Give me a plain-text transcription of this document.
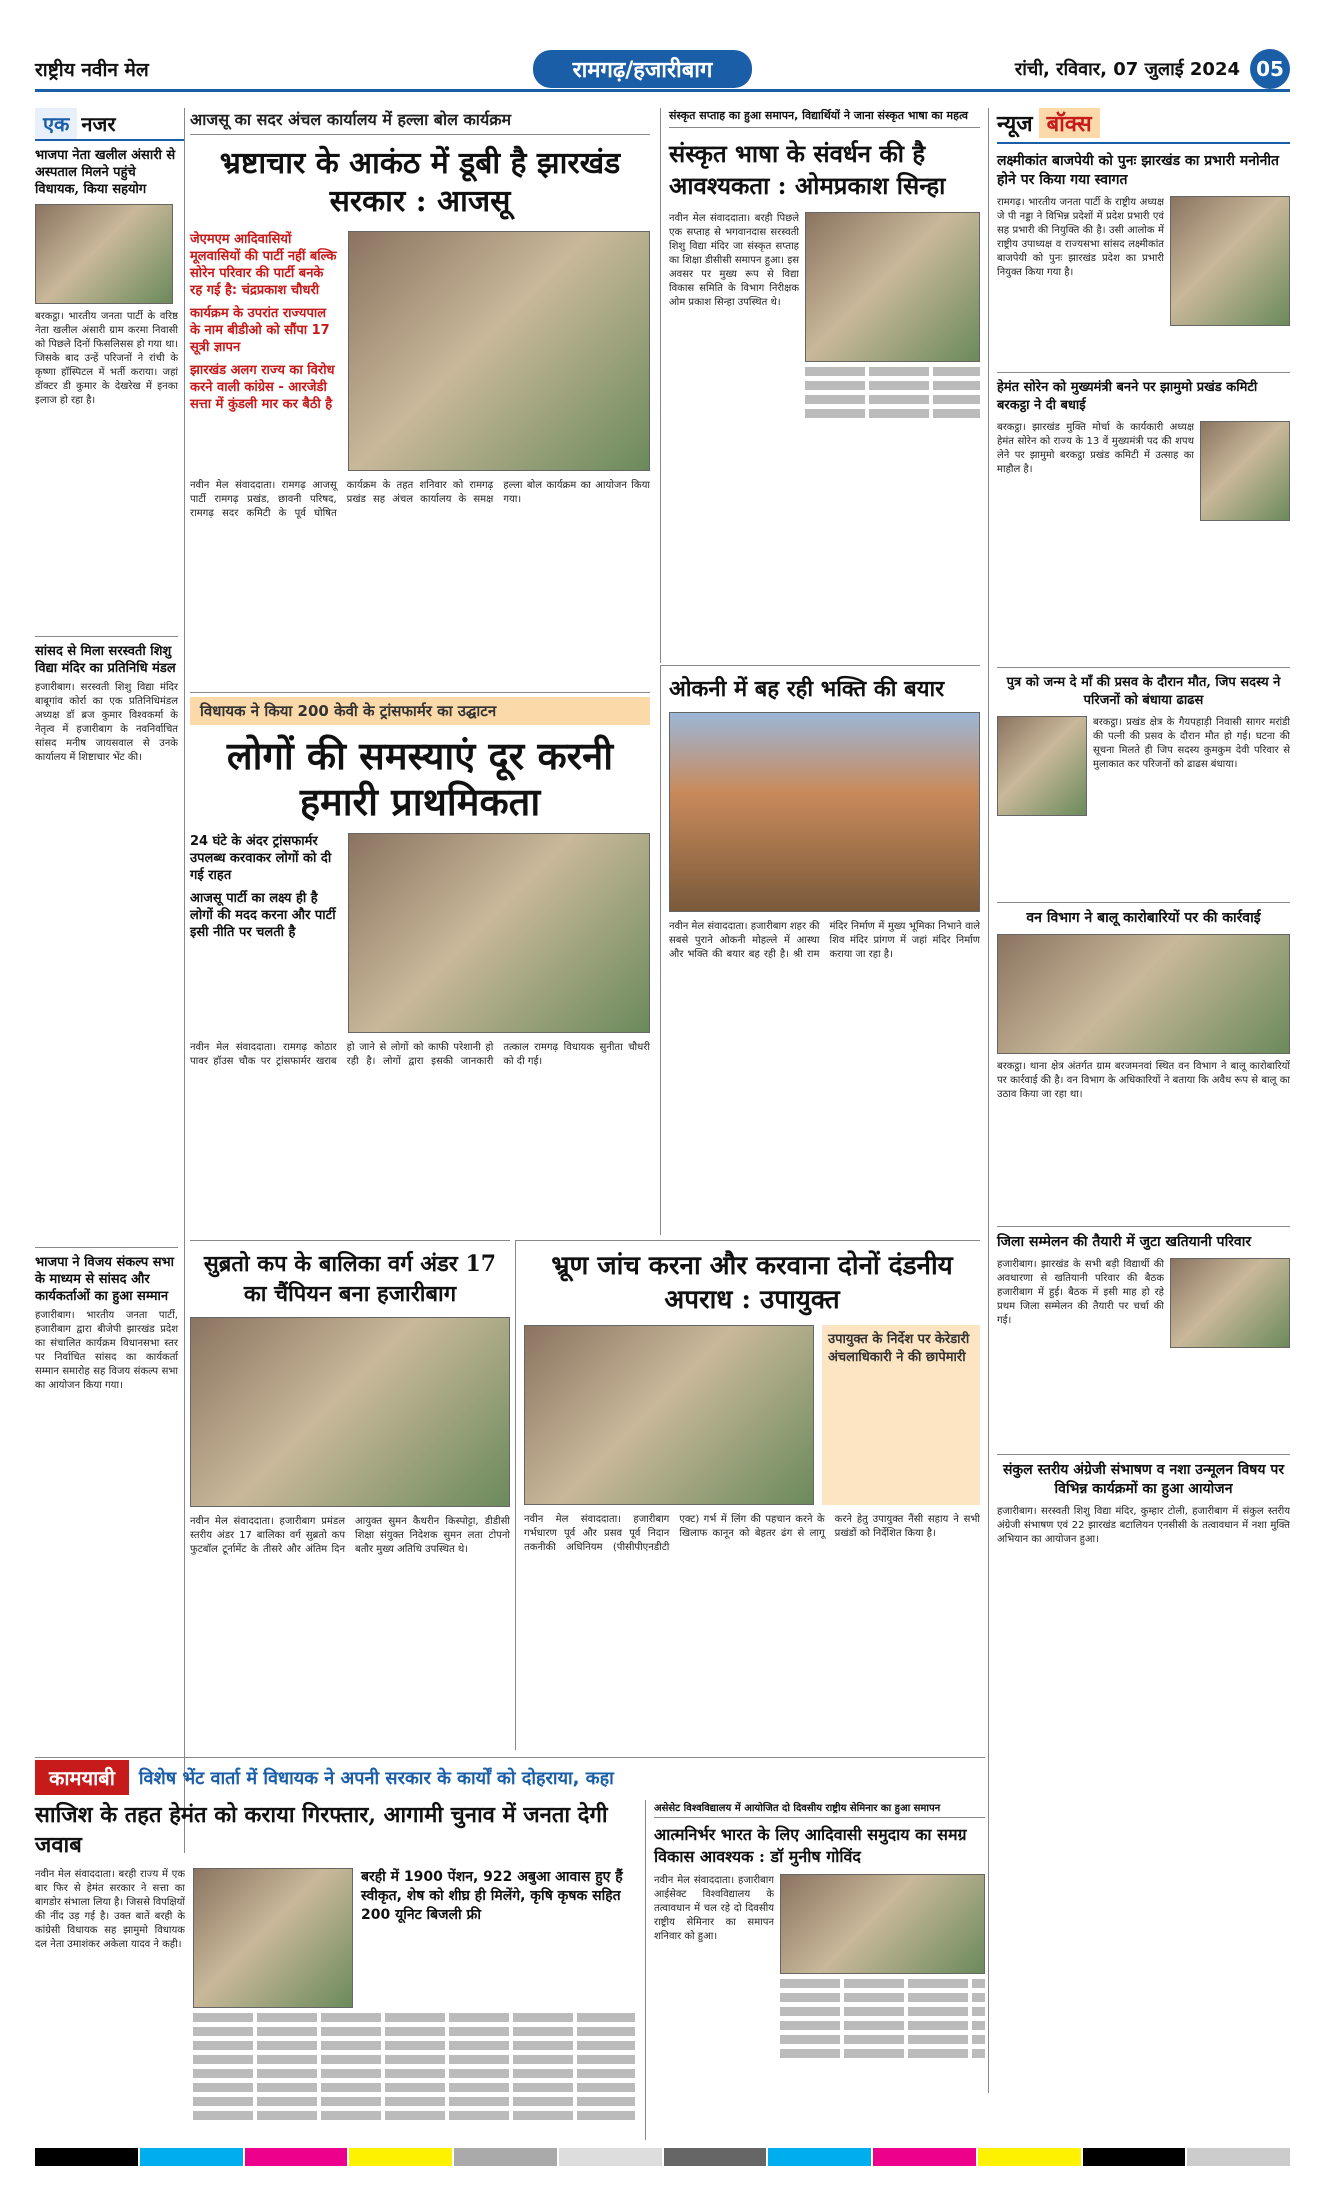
राष्ट्रीय नवीन मेल	रामगढ़/हजारीबाग	रांची, रविवार, 07 जुलाई 2024 05
एक नजर
भाजपा नेता खलील अंसारी से अस्पताल मिलने पहुंचे विधायक, किया सहयोग
बरकट्ठा। भारतीय जनता पार्टी के वरिष्ठ नेता खलील अंसारी ग्राम करमा निवासी को पिछले दिनों फिसलिसस हो गया था। जिसके बाद उन्हें परिजनों ने रांची के कृष्णा हॉस्पिटल में भर्ती कराया। जहां डॉक्टर डी कुमार के देखरेख में इनका इलाज हो रहा है।
सांसद से मिला सरस्वती शिशु विद्या मंदिर का प्रतिनिधि मंडल
हजारीबाग। सरस्वती शिशु विद्या मंदिर बाबूगांव कोर्रा का एक प्रतिनिधिमंडल अध्यक्ष डॉ ब्रज कुमार विश्वकर्मा के नेतृत्व में हजारीबाग के नवनिर्वाचित सांसद मनीष जायसवाल से उनके कार्यालय में शिष्टाचार भेंट की।
भाजपा ने विजय संकल्प सभा के माध्यम से सांसद और कार्यकर्ताओं का हुआ सम्मान
हजारीबाग। भारतीय जनता पार्टी, हजारीबाग द्वारा बीजेपी झारखंड प्रदेश का संचालित कार्यक्रम विधानसभा स्तर पर निर्वाचित सांसद का कार्यकर्ता सम्मान समारोह सह विजय संकल्प सभा का आयोजन किया गया।
आजसू का सदर अंचल कार्यालय में हल्ला बोल कार्यक्रम
भ्रष्टाचार के आकंठ में डूबी है झारखंड सरकार : आजसू
जेएमएम आदिवासियों मूलवासियों की पार्टी नहीं बल्कि सोरेन परिवार की पार्टी बनके रह गई है: चंद्रप्रकाश चौधरी
कार्यक्रम के उपरांत राज्यपाल के नाम बीडीओ को सौंपा 17 सूत्री ज्ञापन
झारखंड अलग राज्य का विरोध करने वाली कांग्रेस - आरजेडी सत्ता में कुंडली मार कर बैठी है
नवीन मेल संवाददाता। रामगढ़ आजसू पार्टी रामगढ़ प्रखंड, छावनी परिषद, रामगढ़ सदर कमिटी के पूर्व घोषित कार्यक्रम के तहत शनिवार को रामगढ़ प्रखंड सह अंचल कार्यालय के समक्ष हल्ला बोल कार्यक्रम का आयोजन किया गया।
संस्कृत सप्ताह का हुआ समापन, विद्यार्थियों ने जाना संस्कृत भाषा का महत्व
संस्कृत भाषा के संवर्धन की है आवश्यकता : ओमप्रकाश सिन्हा
नवीन मेल संवाददाता। बरही पिछले एक सप्ताह से भगवानदास सरस्वती शिशु विद्या मंदिर जा संस्कृत सप्ताह का शिक्षा डीसीसी समापन हुआ। इस अवसर पर मुख्य रूप से विद्या विकास समिति के विभाग निरीक्षक ओम प्रकाश सिन्हा उपस्थित थे।
विधायक ने किया 200 केवी के ट्रांसफार्मर का उद्घाटन
लोगों की समस्याएं दूर करनी हमारी प्राथमिकता
24 घंटे के अंदर ट्रांसफार्मर उपलब्ध करवाकर लोगों को दी गई राहत
आजसू पार्टी का लक्ष्य ही है लोगों की मदद करना और पार्टी इसी नीति पर चलती है
नवीन मेल संवाददाता। रामगढ़ कोठार पावर हॉउस चौक पर ट्रांसफार्मर खराब हो जाने से लोगों को काफी परेशानी हो रही है। लोगों द्वारा इसकी जानकारी तत्काल रामगढ़ विधायक सुनीता चौधरी को दी गई।
ओकनी में बह रही भक्ति की बयार
नवीन मेल संवाददाता। हजारीबाग शहर की सबसे पुराने ओकनी मोहल्ले में आस्था और भक्ति की बयार बह रही है। श्री राम मंदिर निर्माण में मुख्य भूमिका निभाने वाले शिव मंदिर प्रांगण में जहां मंदिर निर्माण कराया जा रहा है।
सुब्रतो कप के बालिका वर्ग अंडर 17 का चैंपियन बना हजारीबाग
नवीन मेल संवाददाता। हजारीबाग प्रमंडल स्तरीय अंडर 17 बालिका वर्ग सुब्रतो कप फुटबॉल टूर्नामेंट के तीसरे और अंतिम दिन आयुक्त सुमन कैथरीन किस्पोट्टा, डीडीसी शिक्षा संयुक्त निदेशक सुमन लता टोपनो बतौर मुख्य अतिथि उपस्थित थे।
भ्रूण जांच करना और करवाना दोनों दंडनीय अपराध : उपायुक्त
उपायुक्त के निर्देश पर केरेडारी अंचलाधिकारी ने की छापेमारी
नवीन मेल संवाददाता। हजारीबाग गर्भधारण पूर्व और प्रसव पूर्व निदान तकनीकी अधिनियम (पीसीपीएनडीटी एक्ट) गर्भ में लिंग की पहचान करने के खिलाफ कानून को बेहतर ढंग से लागू करने हेतु उपायुक्त नैंसी सहाय ने सभी प्रखंडों को निर्देशित किया है।
कामयाबी	विशेष भेंट वार्ता में विधायक ने अपनी सरकार के कार्यों को दोहराया, कहा
साजिश के तहत हेमंत को कराया गिरफ्तार, आगामी चुनाव में जनता देगी जवाब
नवीन मेल संवाददाता। बरही राज्य में एक बार फिर से हेमंत सरकार ने सत्ता का बागडोर संभाला लिया है। जिससे विपक्षियों की नींद उड़ गई है। उक्त बातें बरही के कांग्रेसी विधायक सह झामुमो विधायक दल नेता उमाशंकर अकेला यादव ने कही।
बरही में 1900 पेंशन, 922 अबुआ आवास हुए हैं स्वीकृत, शेष को शीघ्र ही मिलेंगे, कृषि कृषक सहित 200 यूनिट बिजली फ्री
असेसेट विश्वविद्यालय में आयोजित दो दिवसीय राष्ट्रीय सेमिनार का हुआ समापन
आत्मनिर्भर भारत के लिए आदिवासी समुदाय का समग्र विकास आवश्यक : डॉ मुनीष गोविंद
नवीन मेल संवाददाता। हजारीबाग आईसेक्ट विश्वविद्यालय के तत्वावधान में चल रहे दो दिवसीय राष्ट्रीय सेमिनार का समापन शनिवार को हुआ।
न्यूज बॉक्स
लक्ष्मीकांत बाजपेयी को पुनः झारखंड का प्रभारी मनोनीत होने पर किया गया स्वागत
रामगढ़। भारतीय जनता पार्टी के राष्ट्रीय अध्यक्ष जे पी नड्डा ने विभिन्न प्रदेशों में प्रदेश प्रभारी एवं सह प्रभारी की नियुक्ति की है। उसी आलोक में राष्ट्रीय उपाध्यक्ष व राज्यसभा सांसद लक्ष्मीकांत बाजपेयी को पुनः झारखंड प्रदेश का प्रभारी नियुक्त किया गया है।
हेमंत सोरेन को मुख्यमंत्री बनने पर झामुमो प्रखंड कमिटी बरकट्ठा ने दी बधाई
बरकट्ठा। झारखंड मुक्ति मोर्चा के कार्यकारी अध्यक्ष हेमंत सोरेन को राज्य के 13 वें मुख्यमंत्री पद की शपथ लेने पर झामुमो बरकट्ठा प्रखंड कमिटी में उत्साह का माहौल है।
पुत्र को जन्म दे माँ की प्रसव के दौरान मौत, जिप सदस्य ने परिजनों को बंधाया ढाढस
बरकट्ठा। प्रखंड क्षेत्र के गैयपहाड़ी निवासी सागर मरांडी की पत्नी की प्रसव के दौरान मौत हो गई। घटना की सूचना मिलते ही जिप सदस्य कुमकुम देवी परिवार से मुलाकात कर परिजनों को ढाढस बंधाया।
वन विभाग ने बालू कारोबारियों पर की कार्रवाई
बरकट्ठा। थाना क्षेत्र अंतर्गत ग्राम बरजमनवां स्थित वन विभाग ने बालू कारोबारियों पर कार्रवाई की है। वन विभाग के अधिकारियों ने बताया कि अवैध रूप से बालू का उठाव किया जा रहा था।
जिला सम्मेलन की तैयारी में जुटा खतियानी परिवार
हजारीबाग। झारखंड के सभी बड़ी विद्यार्थी की अवधारणा से खतियानी परिवार की बैठक हजारीबाग में हुई। बैठक में इसी माह हो रहे प्रथम जिला सम्मेलन की तैयारी पर चर्चा की गई।
संकुल स्तरीय अंग्रेजी संभाषण व नशा उन्मूलन विषय पर विभिन्न कार्यक्रमों का हुआ आयोजन
हजारीबाग। सरस्वती शिशु विद्या मंदिर, कुम्हार टोली, हजारीबाग में संकुल स्तरीय अंग्रेजी संभाषण एवं 22 झारखंड बटालियन एनसीसी के तत्वावधान में नशा मुक्ति अभियान का आयोजन हुआ।
